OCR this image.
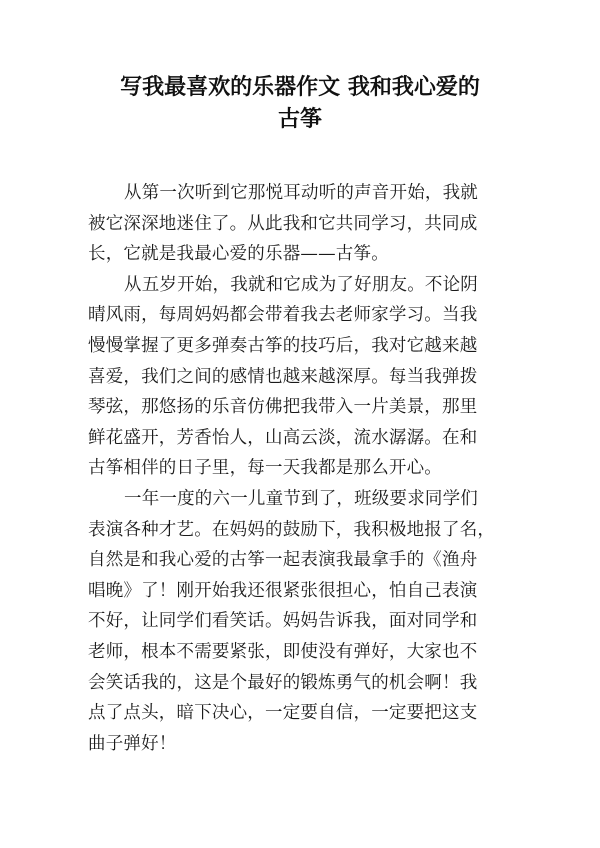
写我最喜欢的乐器作文 我和我心爱的
古筝

从第一次听到它那悦耳动听的声音开始，我就
被它深深地迷住了。从此我和它共同学习，共同成
长，它就是我最心爱的乐器——古筝。

从五岁开始，我就和它成为了好朋友。不论阴
晴风雨，每周妈妈都会带着我去老师家学习。当我
慢慢掌握了更多弹奏古筝的技巧后，我对它越来越
喜爱，我们之间的感情也越来越深厚。每当我弹拨
琴弦，那悠扬的乐音仿佛把我带入一片美景，那里
鲜花盛开，芳香怡人，山高云淡，流水潺潺。在和
古筝相伴的日子里，每一天我都是那么开心。

一年一度的六一儿童节到了，班级要求同学们
表演各种才艺。在妈妈的鼓励下，我积极地报了名，
自然是和我心爱的古筝一起表演我最拿手的《渔舟
唱晚》了！刚开始我还很紧张很担心，怕自己表演
不好，让同学们看笑话。妈妈告诉我，面对同学和
老师，根本不需要紧张，即使没有弹好，大家也不
会笑话我的，这是个最好的锻炼勇气的机会啊！我
点了点头，暗下决心，一定要自信，一定要把这支
曲子弹好！
